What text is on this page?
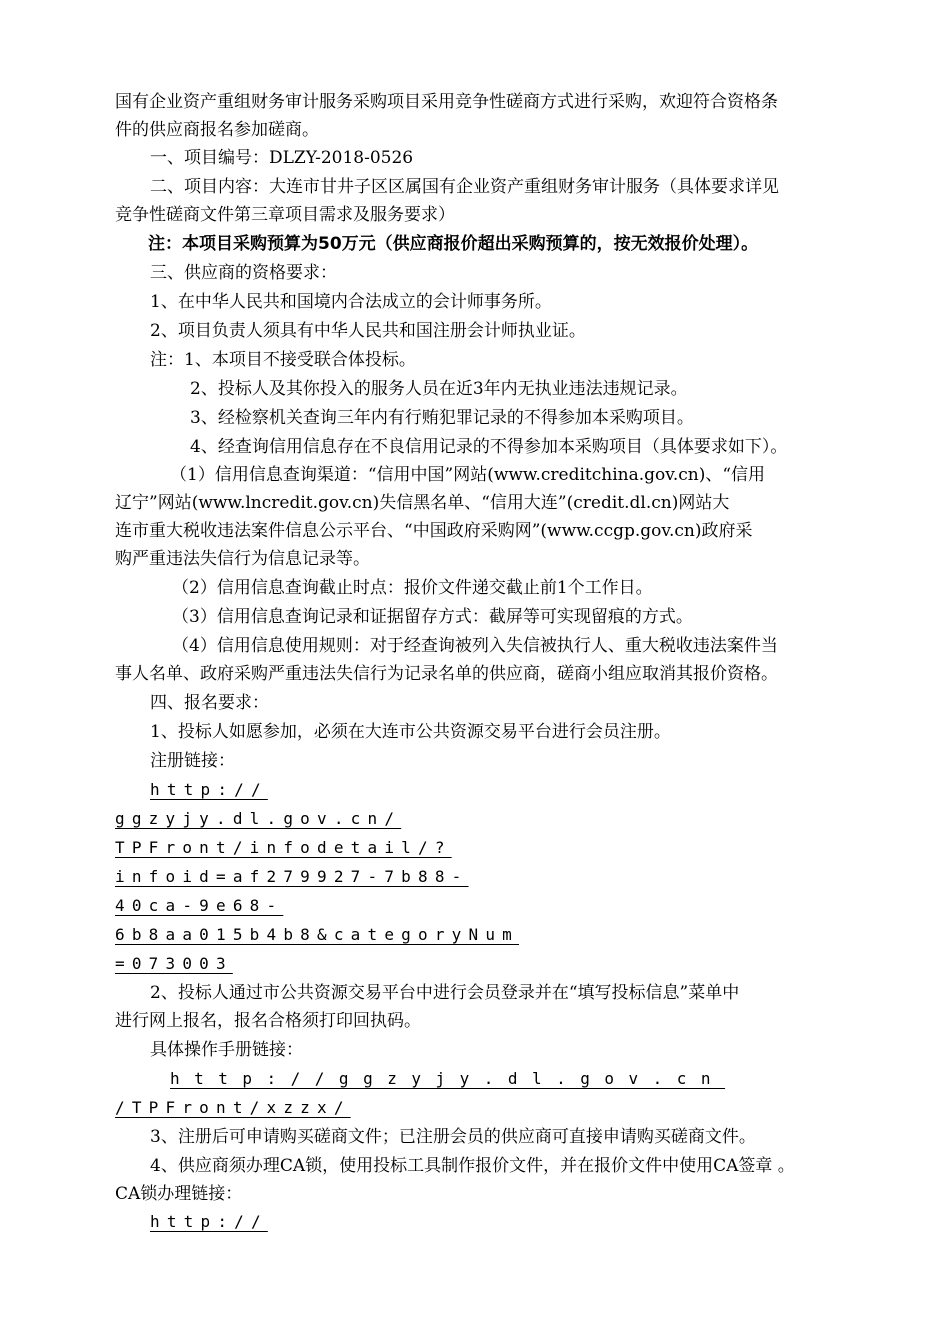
国有企业资产重组财务审计服务采购项目采用竞争性磋商方式进行采购，欢迎符合资格条
件的供应商报名参加磋商。
一、项目编号：DLZY-2018-0526
二、项目内容：大连市甘井子区区属国有企业资产重组财务审计服务（具体要求详见
竞争性磋商文件第三章项目需求及服务要求）
注：本项目采购预算为50万元（供应商报价超出采购预算的，按无效报价处理）。
三、供应商的资格要求：
1、在中华人民共和国境内合法成立的会计师事务所。
2、项目负责人须具有中华人民共和国注册会计师执业证。
注：1、本项目不接受联合体投标。
2、投标人及其你投入的服务人员在近3年内无执业违法违规记录。
3、经检察机关查询三年内有行贿犯罪记录的不得参加本采购项目。
4、经查询信用信息存在不良信用记录的不得参加本采购项目（具体要求如下）。
（1）信用信息查询渠道：“信用中国”网站(www.creditchina.gov.cn)、“信用
辽宁”网站(www.lncredit.gov.cn)失信黑名单、“信用大连”(credit.dl.cn)网站大
连市重大税收违法案件信息公示平台、“中国政府采购网”(www.ccgp.gov.cn)政府采
购严重违法失信行为信息记录等。
（2）信用信息查询截止时点：报价文件递交截止前1个工作日。
（3）信用信息查询记录和证据留存方式：截屏等可实现留痕的方式。
（4）信用信息使用规则：对于经查询被列入失信被执行人、重大税收违法案件当
事人名单、政府采购严重违法失信行为记录名单的供应商，磋商小组应取消其报价资格。
四、报名要求：
1、投标人如愿参加，必须在大连市公共资源交易平台进行会员注册。
注册链接：
http://
ggzyjy.dl.gov.cn/
TPFront/infodetail/?
infoid=af279927-7b88-
40ca-9e68-
6b8aa015b4b8&categoryNum
=073003
2、投标人通过市公共资源交易平台中进行会员登录并在“填写投标信息”菜单中
进行网上报名，报名合格须打印回执码。
具体操作手册链接：
http://ggzyjy.dl.gov.cn
/TPFront/xzzx/
3、注册后可申请购买磋商文件；已注册会员的供应商可直接申请购买磋商文件。
4、供应商须办理CA锁，使用投标工具制作报价文件，并在报价文件中使用CA签章 。
CA锁办理链接：
http://
